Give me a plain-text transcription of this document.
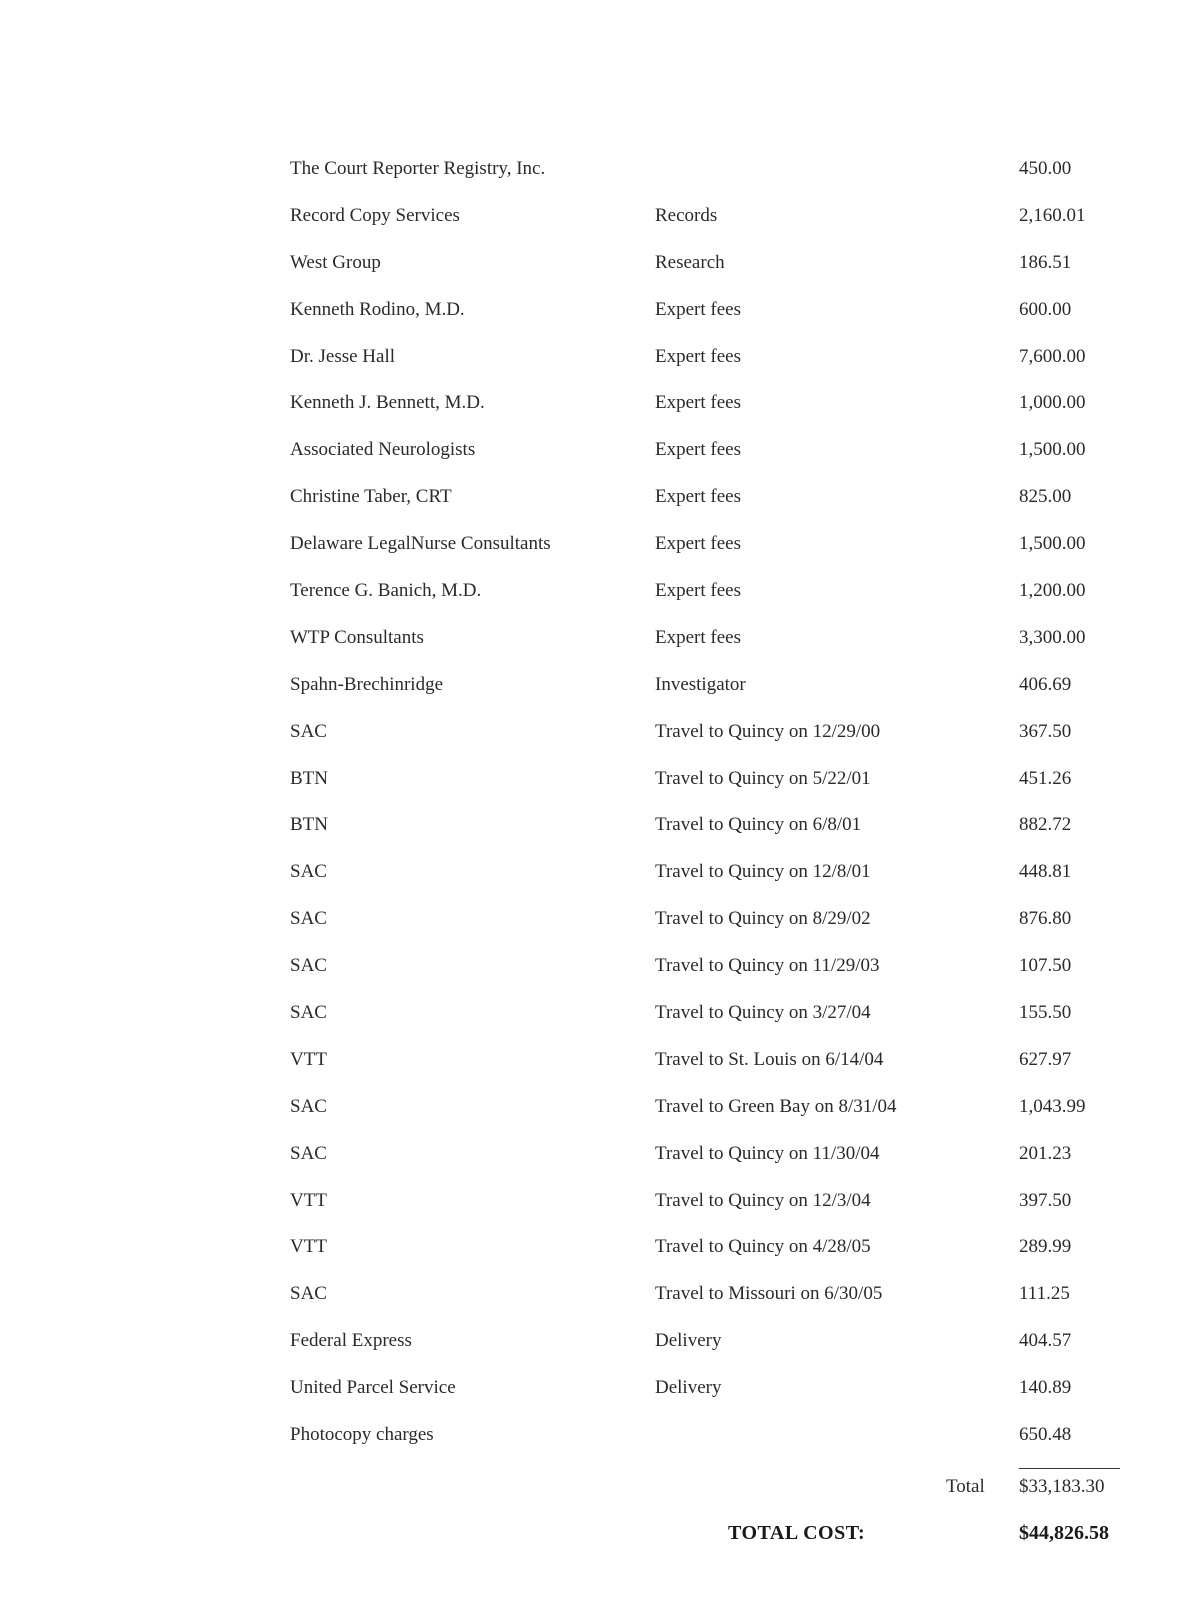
The Court Reporter Registry, Inc.	450.00
Record Copy Services	Records	2,160.01
West Group	Research	186.51
Kenneth Rodino, M.D.	Expert fees	600.00
Dr. Jesse Hall	Expert fees	7,600.00
Kenneth J. Bennett, M.D.	Expert fees	1,000.00
Associated Neurologists	Expert fees	1,500.00
Christine Taber, CRT	Expert fees	825.00
Delaware LegalNurse Consultants	Expert fees	1,500.00
Terence G. Banich, M.D.	Expert fees	1,200.00
WTP Consultants	Expert fees	3,300.00
Spahn-Brechinridge	Investigator	406.69
SAC	Travel to Quincy on 12/29/00	367.50
BTN	Travel to Quincy on 5/22/01	451.26
BTN	Travel to Quincy on 6/8/01	882.72
SAC	Travel to Quincy on 12/8/01	448.81
SAC	Travel to Quincy on 8/29/02	876.80
SAC	Travel to Quincy on 11/29/03	107.50
SAC	Travel to Quincy on 3/27/04	155.50
VTT	Travel to St. Louis on 6/14/04	627.97
SAC	Travel to Green Bay on 8/31/04	1,043.99
SAC	Travel to Quincy on 11/30/04	201.23
VTT	Travel to Quincy on 12/3/04	397.50
VTT	Travel to Quincy on 4/28/05	289.99
SAC	Travel to Missouri on 6/30/05	111.25
Federal Express	Delivery	404.57
United Parcel Service	Delivery	140.89
Photocopy charges	650.48
Total $33,183.30
TOTAL COST:	$44,826.58
